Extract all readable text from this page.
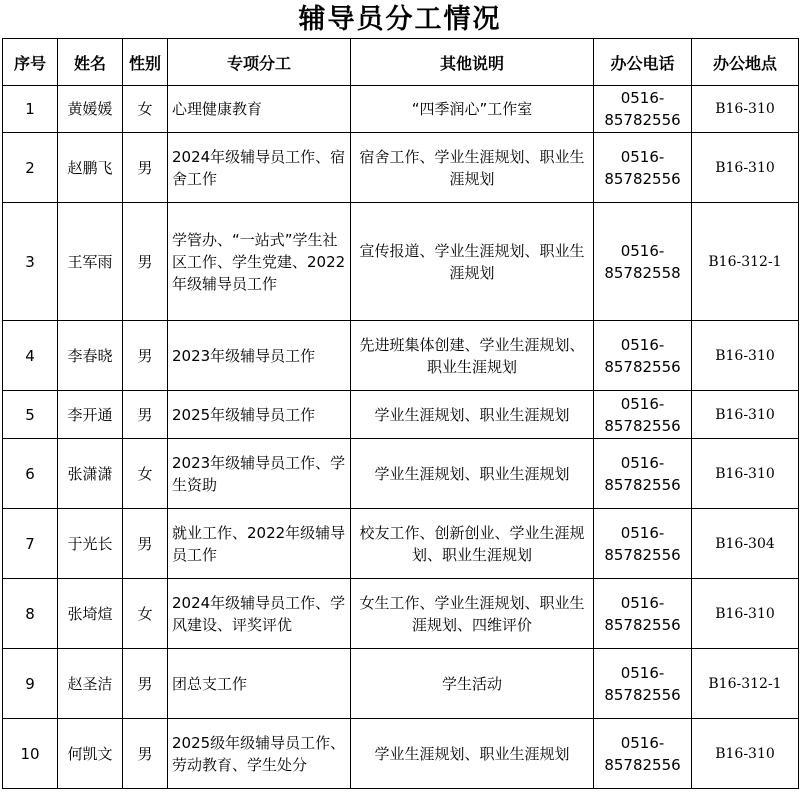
辅导员分工情况
序号	姓名	性别	专项分工	其他说明	办公电话	办公地点
1	黄媛媛	女	心理健康教育	“四季润心”工作室	0516-85782556	B16-310
2	赵鹏飞	男	2024年级辅导员工作、宿舍工作	宿舍工作、学业生涯规划、职业生涯规划	0516-85782556	B16-310
3	王军雨	男	学管办、“一站式”学生社区工作、学生党建、2022年级辅导员工作	宣传报道、学业生涯规划、职业生涯规划	0516-85782558	B16-312-1
4	李春晓	男	2023年级辅导员工作	先进班集体创建、学业生涯规划、职业生涯规划	0516-85782556	B16-310
5	李开通	男	2025年级辅导员工作	学业生涯规划、职业生涯规划	0516-85782556	B16-310
6	张潇潇	女	2023年级辅导员工作、学生资助	学业生涯规划、职业生涯规划	0516-85782556	B16-310
7	于光长	男	就业工作、2022年级辅导员工作	校友工作、创新创业、学业生涯规划、职业生涯规划	0516-85782556	B16-304
8	张埼煊	女	2024年级辅导员工作、学风建设、评奖评优	女生工作、学业生涯规划、职业生涯规划、四维评价	0516-85782556	B16-310
9	赵圣洁	男	团总支工作	学生活动	0516-85782556	B16-312-1
10	何凯文	男	2025级年级辅导员工作、劳动教育、学生处分	学业生涯规划、职业生涯规划	0516-85782556	B16-310
